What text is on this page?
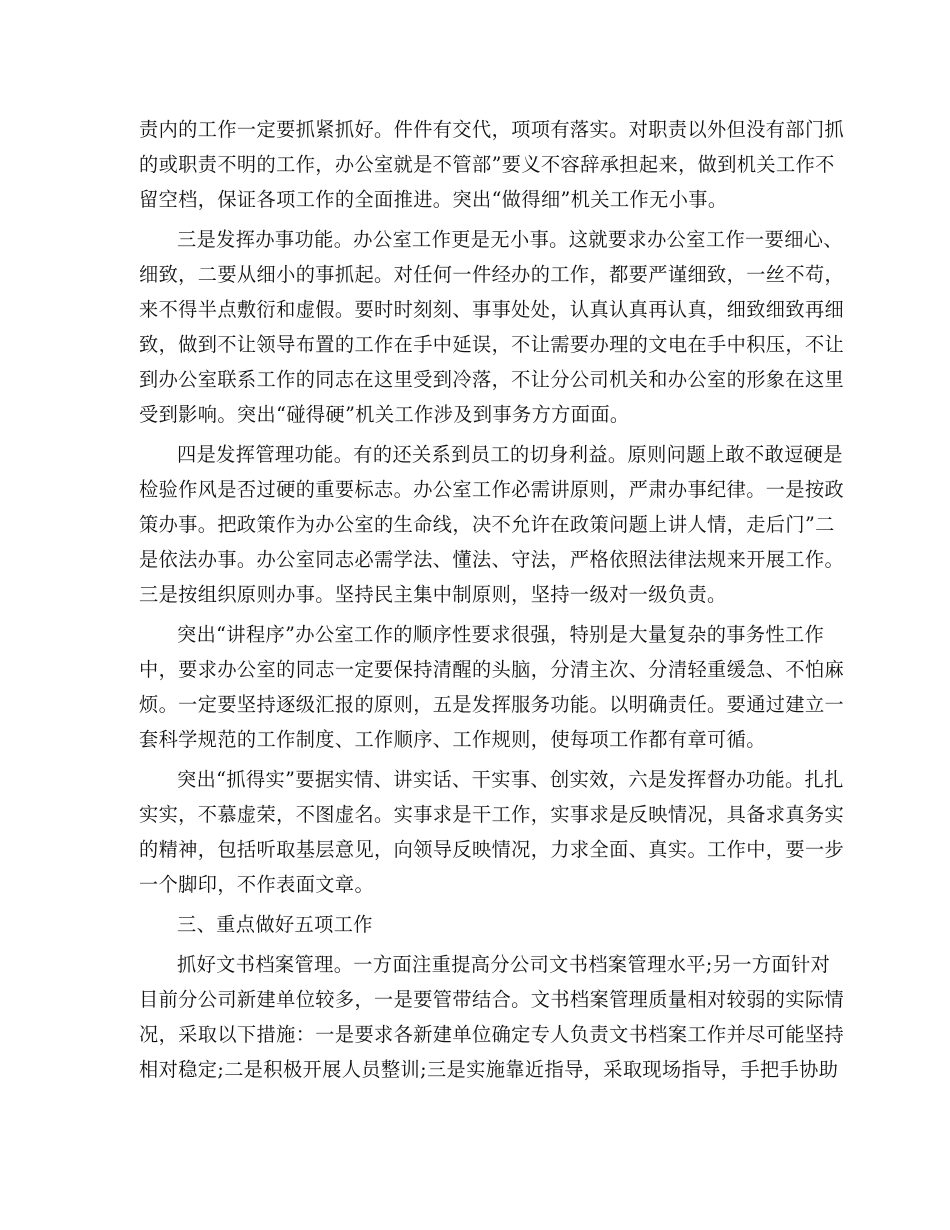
责内的工作一定要抓紧抓好。件件有交代，项项有落实。对职责以外但没有部门抓
的或职责不明的工作，办公室就是不管部”要义不容辞承担起来，做到机关工作不
留空档，保证各项工作的全面推进。突出“做得细”机关工作无小事。
三是发挥办事功能。办公室工作更是无小事。这就要求办公室工作一要细心、
细致，二要从细小的事抓起。对任何一件经办的工作，都要严谨细致，一丝不苟，
来不得半点敷衍和虚假。要时时刻刻、事事处处，认真认真再认真，细致细致再细
致，做到不让领导布置的工作在手中延误，不让需要办理的文电在手中积压，不让
到办公室联系工作的同志在这里受到冷落，不让分公司机关和办公室的形象在这里
受到影响。突出“碰得硬”机关工作涉及到事务方方面面。
四是发挥管理功能。有的还关系到员工的切身利益。原则问题上敢不敢逗硬是
检验作风是否过硬的重要标志。办公室工作必需讲原则，严肃办事纪律。一是按政
策办事。把政策作为办公室的生命线，决不允许在政策问题上讲人情，走后门”二
是依法办事。办公室同志必需学法、懂法、守法，严格依照法律法规来开展工作。
三是按组织原则办事。坚持民主集中制原则，坚持一级对一级负责。
突出“讲程序”办公室工作的顺序性要求很强，特别是大量复杂的事务性工作
中，要求办公室的同志一定要保持清醒的头脑，分清主次、分清轻重缓急、不怕麻
烦。一定要坚持逐级汇报的原则，五是发挥服务功能。以明确责任。要通过建立一
套科学规范的工作制度、工作顺序、工作规则，使每项工作都有章可循。
突出“抓得实”要据实情、讲实话、干实事、创实效，六是发挥督办功能。扎扎
实实，不慕虚荣，不图虚名。实事求是干工作，实事求是反映情况，具备求真务实
的精神，包括听取基层意见，向领导反映情况，力求全面、真实。工作中，要一步
一个脚印，不作表面文章。
三、重点做好五项工作
抓好文书档案管理。一方面注重提高分公司文书档案管理水平;另一方面针对
目前分公司新建单位较多，一是要管带结合。文书档案管理质量相对较弱的实际情
况，采取以下措施：一是要求各新建单位确定专人负责文书档案工作并尽可能坚持
相对稳定;二是积极开展人员整训;三是实施靠近指导，采取现场指导，手把手协助
